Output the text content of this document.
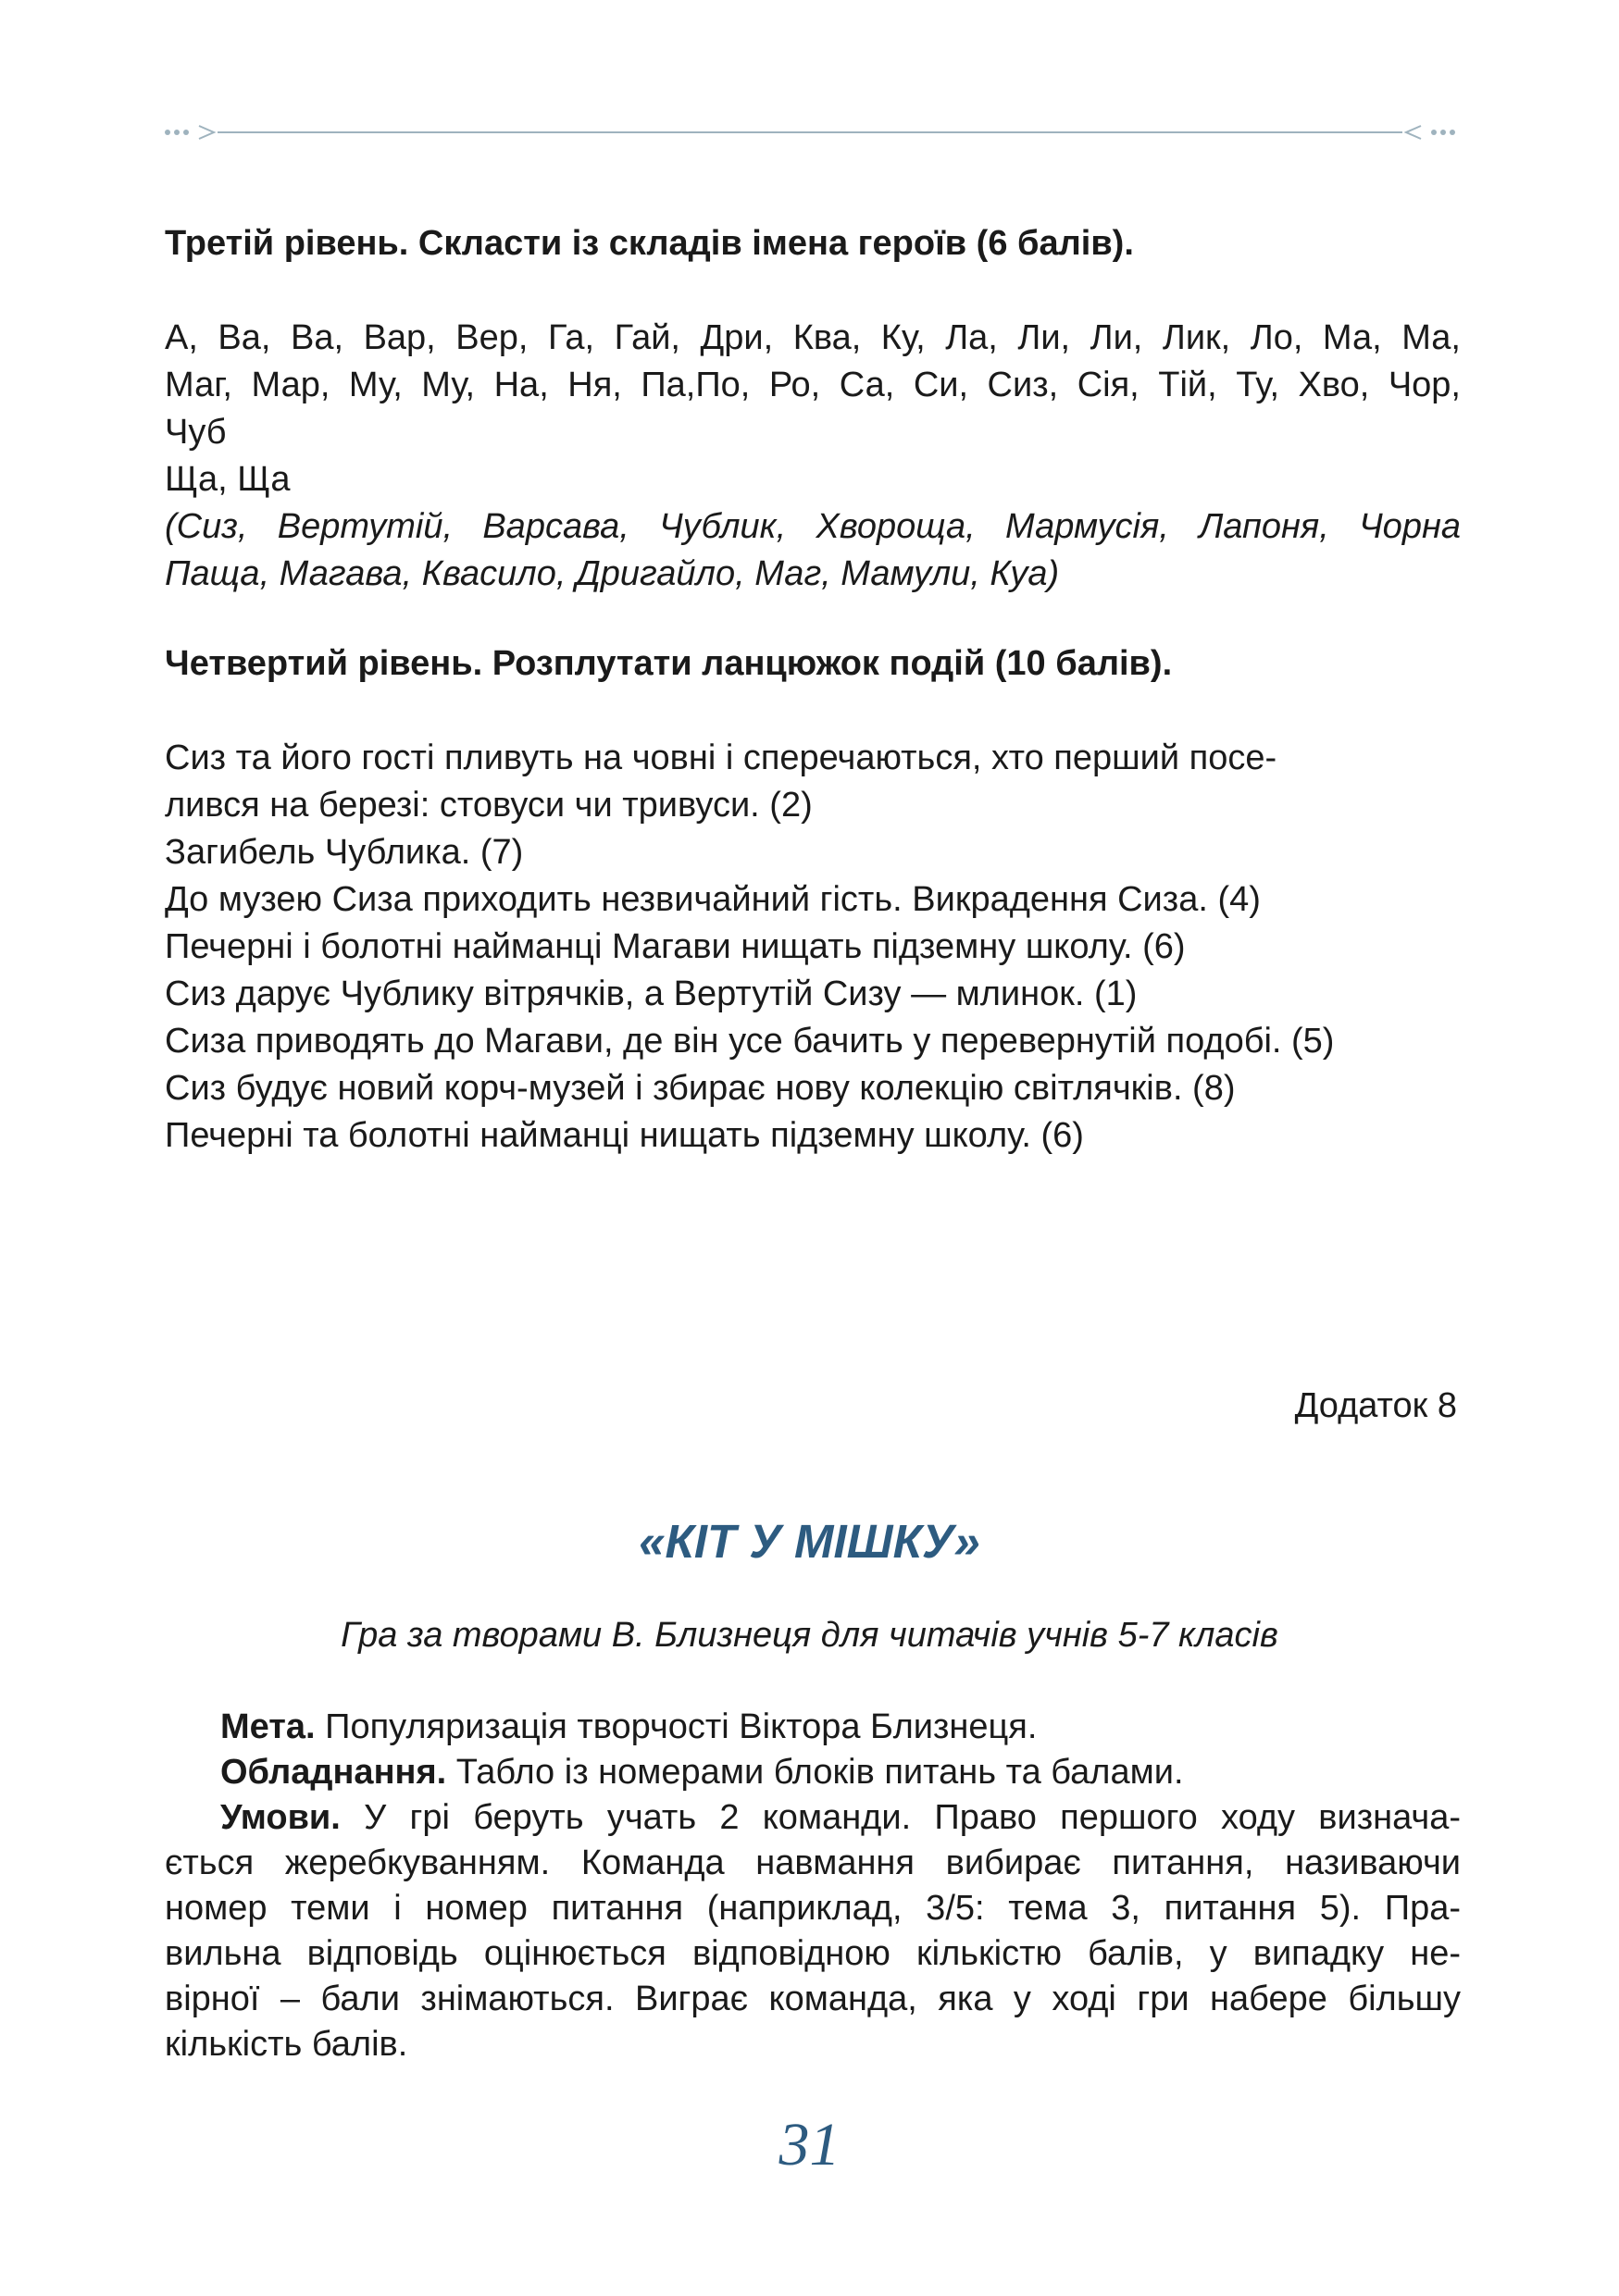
Третій рівень. Скласти із складів імена героїв (6 балів).
А, Ва, Ва, Вар, Вер, Га, Гай, Дри, Ква, Ку, Ла, Ли, Ли, Лик, Ло, Ма, Ма,
Маг, Мар, Му, Му, На, Ня, Па,По, Ро, Са, Си, Сиз, Сія, Тій, Ту, Хво, Чор,
Чуб
Ща, Ща
(Сиз, Вертутій, Варсава, Чублик, Хвороща, Мармусія, Лапоня, Чорна
Паща, Магава, Квасило, Дригайло, Маг, Мамули, Куа)
Четвертий рівень. Розплутати ланцюжок подій (10 балів).
Сиз та його гості пливуть на човні і сперечаються, хто перший посе-
лився на березі: стовуси чи тривуси. (2)
Загибель Чублика. (7)
До музею Сиза приходить незвичайний гість. Викрадення Сиза. (4)
Печерні і болотні найманці Магави нищать підземну школу. (6)
Сиз дарує Чублику вітрячків, а Вертутій Сизу — млинок. (1)
Сиза приводять до Магави, де він усе бачить у перевернутій подобі. (5)
Сиз будує новий корч-музей і збирає нову колекцію світлячків. (8)
Печерні та болотні найманці нищать підземну школу. (6)
Додаток 8
«КІТ У МІШКУ»
Гра за творами В. Близнеця для читачів учнів 5-7 класів
Мета. Популяризація творчості Віктора Близнеця.
Обладнання. Табло із номерами блоків питань та балами.
Умови. У грі беруть учать 2 команди. Право першого ходу визнача-
ється жеребкуванням. Команда навмання вибирає питання, називаючи
номер теми і номер питання (наприклад, 3/5: тема 3, питання 5). Пра-
вильна відповідь оцінюється відповідною кількістю балів, у випадку не-
вірної – бали знімаються. Виграє команда, яка у ході гри набере більшу
кількість балів.
31
